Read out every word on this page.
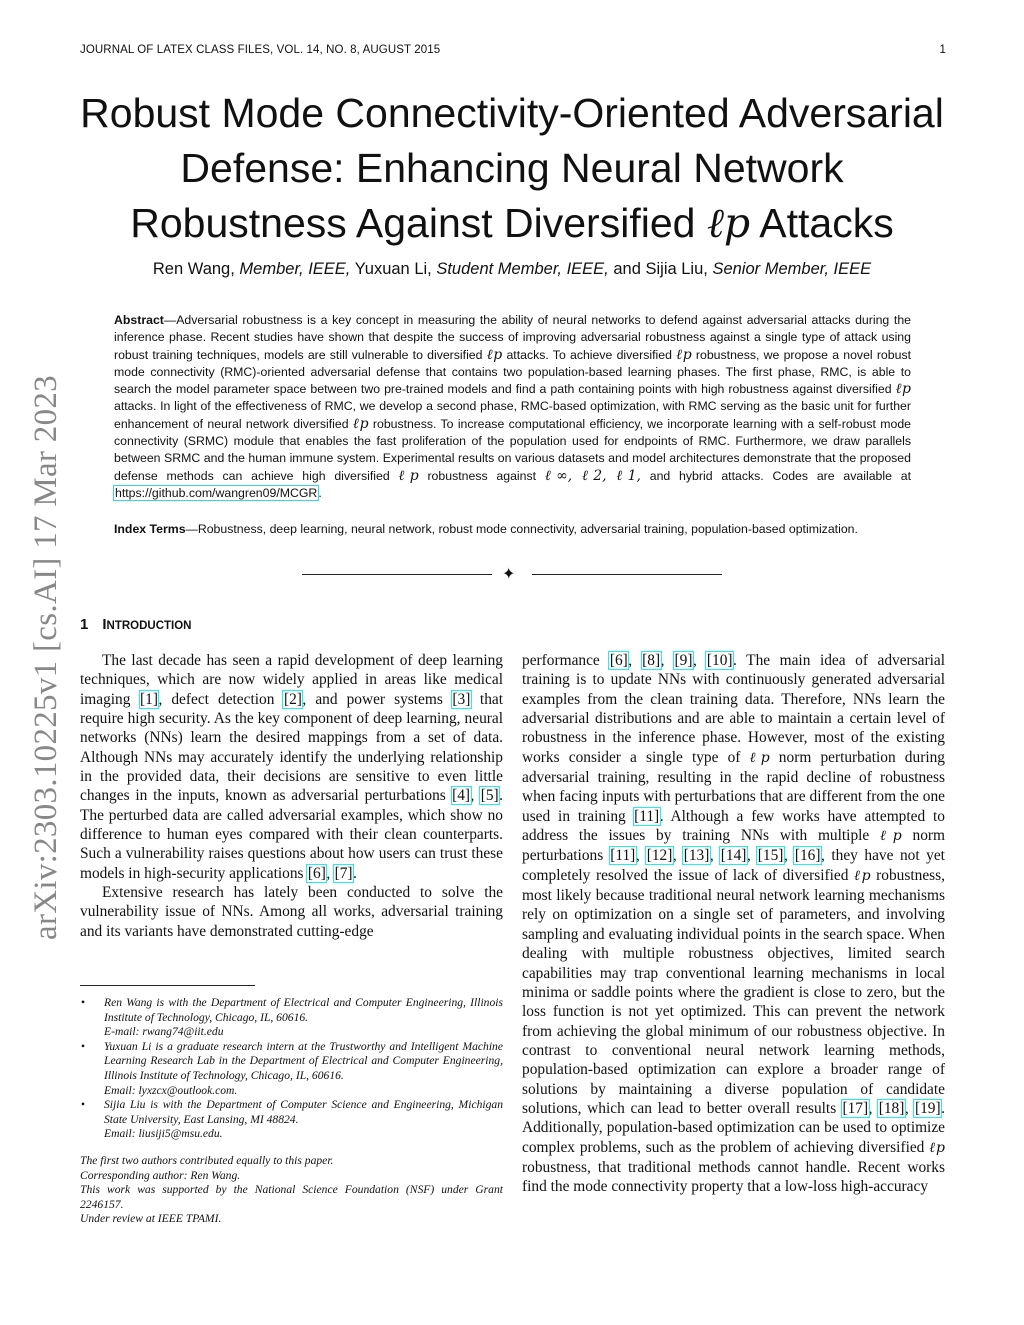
JOURNAL OF LATEX CLASS FILES, VOL. 14, NO. 8, AUGUST 2015	1
arXiv:2303.10225v1 [cs.AI] 17 Mar 2023
Robust Mode Connectivity-Oriented Adversarial
Defense: Enhancing Neural Network
Robustness Against Diversified ℓp Attacks
Ren Wang, Member, IEEE, Yuxuan Li, Student Member, IEEE, and Sijia Liu, Senior Member, IEEE
Abstract—Adversarial robustness is a key concept in measuring the ability of neural networks to defend against adversarial attacks during the inference phase. Recent studies have shown that despite the success of improving adversarial robustness against a single type of attack using robust training techniques, models are still vulnerable to diversified ℓp attacks. To achieve diversified ℓp robustness, we propose a novel robust mode connectivity (RMC)-oriented adversarial defense that contains two population-based learning phases. The first phase, RMC, is able to search the model parameter space between two pre-trained models and find a path containing points with high robustness against diversified ℓp attacks. In light of the effectiveness of RMC, we develop a second phase, RMC-based optimization, with RMC serving as the basic unit for further enhancement of neural network diversified ℓp robustness. To increase computational efficiency, we incorporate learning with a self-robust mode connectivity (SRMC) module that enables the fast proliferation of the population used for endpoints of RMC. Furthermore, we draw parallels between SRMC and the human immune system. Experimental results on various datasets and model architectures demonstrate that the proposed defense methods can achieve high diversified ℓp robustness against ℓ∞, ℓ2, ℓ1, and hybrid attacks. Codes are available at https://github.com/wangren09/MCGR.
Index Terms—Robustness, deep learning, neural network, robust mode connectivity, adversarial training, population-based optimization.
✦
1 INTRODUCTION

The last decade has seen a rapid development of deep learning techniques, which are now widely applied in areas like medical imaging [1], defect detection [2], and power systems [3] that require high security. As the key component of deep learning, neural networks (NNs) learn the desired mappings from a set of data. Although NNs may accurately identify the underlying relationship in the provided data, their decisions are sensitive to even little changes in the inputs, known as adversarial perturbations [4], [5]. The perturbed data are called adversarial examples, which show no difference to human eyes compared with their clean counterparts. Such a vulnerability raises questions about how users can trust these models in high-security applications [6], [7].

Extensive research has lately been conducted to solve the vulnerability issue of NNs. Among all works, adversarial training and its variants have demonstrated cutting-edge

• Ren Wang is with the Department of Electrical and Computer Engineering, Illinois Institute of Technology, Chicago, IL, 60616.
E-mail: rwang74@iit.edu
• Yuxuan Li is a graduate research intern at the Trustworthy and Intelligent Machine Learning Research Lab in the Department of Electrical and Computer Engineering, Illinois Institute of Technology, Chicago, IL, 60616.
Email: lyxzcx@outlook.com.
• Sijia Liu is with the Department of Computer Science and Engineering, Michigan State University, East Lansing, MI 48824.
Email: liusiji5@msu.edu.
The first two authors contributed equally to this paper.
Corresponding author: Ren Wang.
This work was supported by the National Science Foundation (NSF) under Grant 2246157.
Under review at IEEE TPAMI.

performance [6], [8], [9], [10]. The main idea of adversarial training is to update NNs with continuously generated adversarial examples from the clean training data. Therefore, NNs learn the adversarial distributions and are able to maintain a certain level of robustness in the inference phase. However, most of the existing works consider a single type of ℓp norm perturbation during adversarial training, resulting in the rapid decline of robustness when facing inputs with perturbations that are different from the one used in training [11]. Although a few works have attempted to address the issues by training NNs with multiple ℓp norm perturbations [11], [12], [13], [14], [15], [16], they have not yet completely resolved the issue of lack of diversified ℓp robustness, most likely because traditional neural network learning mechanisms rely on optimization on a single set of parameters, and involving sampling and evaluating individual points in the search space. When dealing with multiple robustness objectives, limited search capabilities may trap conventional learning mechanisms in local minima or saddle points where the gradient is close to zero, but the loss function is not yet optimized. This can prevent the network from achieving the global minimum of our robustness objective. In contrast to conventional neural network learning methods, population-based optimization can explore a broader range of solutions by maintaining a diverse population of candidate solutions, which can lead to better overall results [17], [18], [19]. Additionally, population-based optimization can be used to optimize complex problems, such as the problem of achieving diversified ℓp robustness, that traditional methods cannot handle. Recent works find the mode connectivity property that a low-loss high-accuracy
